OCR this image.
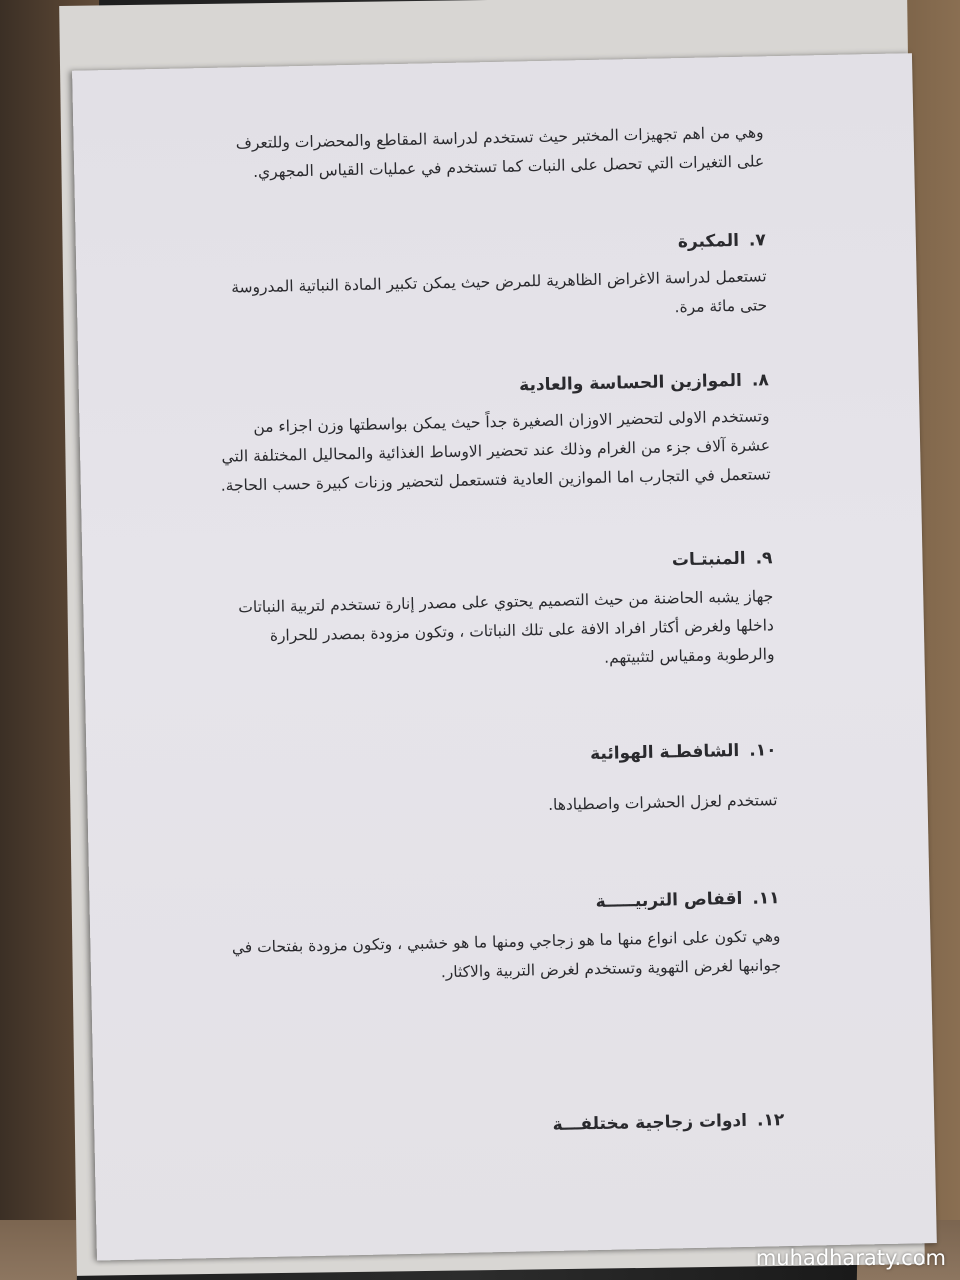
وهي من اهم تجهيزات المختبر حيث تستخدم لدراسة المقاطع والمحضرات وللتعرف على التغيرات التي تحصل على النبات كما تستخدم في عمليات القياس المجهري.
٧.المكبرة
تستعمل لدراسة الاغراض الظاهرية للمرض حيث يمكن تكبير المادة النباتية المدروسة حتى مائة مرة.
٨.الموازين الحساسة والعادية
وتستخدم الاولى لتحضير الاوزان الصغيرة جداً حيث يمكن بواسطتها وزن اجزاء من عشرة آلاف جزء من الغرام وذلك عند تحضير الاوساط الغذائية والمحاليل المختلفة التي تستعمل في التجارب اما الموازين العادية فتستعمل لتحضير وزنات كبيرة حسب الحاجة.
٩.المنبتـات
جهاز يشبه الحاضنة من حيث التصميم يحتوي على مصدر إنارة تستخدم لتربية النباتات داخلها ولغرض أكثار افراد الافة على تلك النباتات ، وتكون مزودة بمصدر للحرارة والرطوبة ومقياس لتثبيتهم.
١٠.الشافطـة الهوائية
تستخدم لعزل الحشرات واصطيادها.
١١.اقفاص التربيـــــة
وهي تكون على انواع منها ما هو زجاجي ومنها ما هو خشبي ، وتكون مزودة بفتحات في جوانبها لغرض التهوية وتستخدم لغرض التربية والاكثار.
١٢.ادوات زجاجية مختلفـــة
muhadharaty.com
